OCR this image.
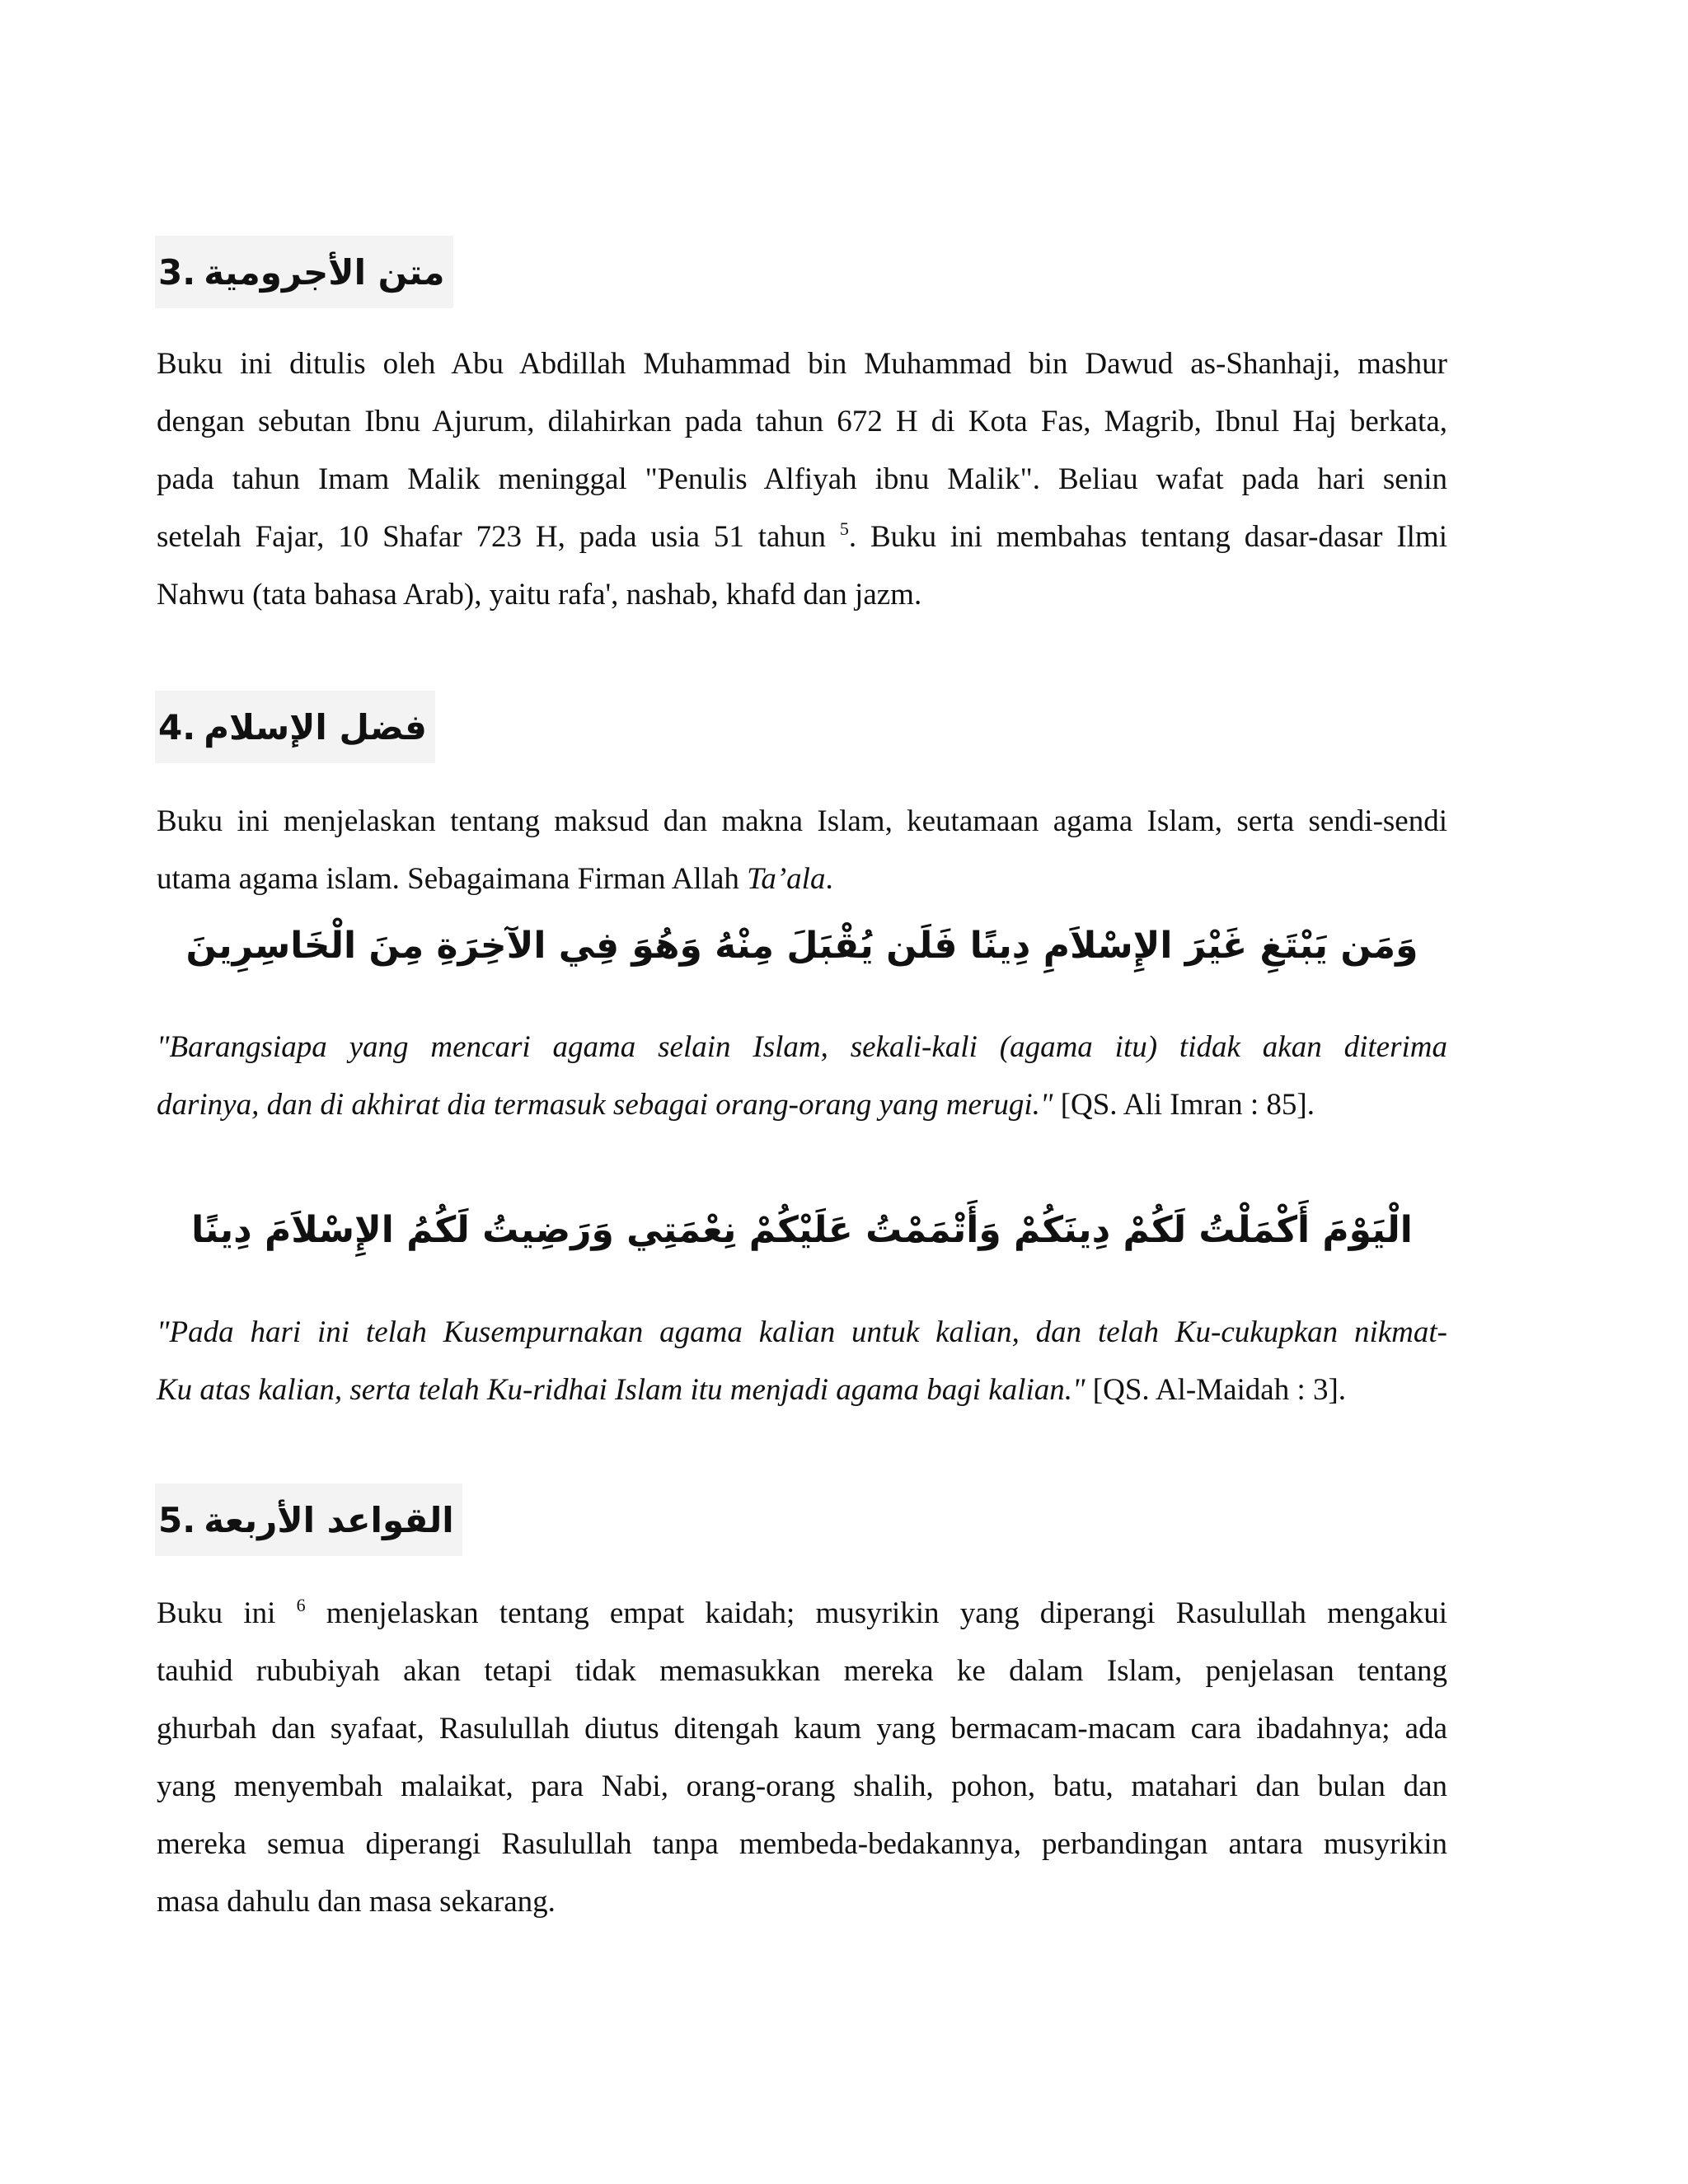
3. متن الأجرومية
Buku ini ditulis oleh Abu Abdillah Muhammad bin Muhammad bin Dawud as-Shanhaji, mashur
dengan sebutan Ibnu Ajurum, dilahirkan pada tahun 672 H di Kota Fas, Magrib, Ibnul Haj berkata,
pada tahun Imam Malik meninggal "Penulis Alfiyah ibnu Malik". Beliau wafat pada hari senin
setelah Fajar, 10 Shafar 723 H, pada usia 51 tahun $^5$. Buku ini membahas tentang dasar-dasar Ilmi
Nahwu (tata bahasa Arab), yaitu rafa', nashab, khafd dan jazm.
4. فضل الإسلام
Buku ini menjelaskan tentang maksud dan makna Islam, keutamaan agama Islam, serta sendi-sendi
utama agama islam. Sebagaimana Firman Allah Ta’ala.
وَمَن يَبْتَغِ غَيْرَ الإِسْلاَمِ دِينًا فَلَن يُقْبَلَ مِنْهُ وَهُوَ فِي الآخِرَةِ مِنَ الْخَاسِرِينَ
"Barangsiapa yang mencari agama selain Islam, sekali-kali (agama itu) tidak akan diterima
darinya, dan di akhirat dia termasuk sebagai orang-orang yang merugi." [QS. Ali Imran : 85].
الْيَوْمَ أَكْمَلْتُ لَكُمْ دِينَكُمْ وَأَتْمَمْتُ عَلَيْكُمْ نِعْمَتِي وَرَضِيتُ لَكُمُ الإِسْلاَمَ دِينًا
"Pada hari ini telah Kusempurnakan agama kalian untuk kalian, dan telah Ku-cukupkan nikmat-
Ku atas kalian, serta telah Ku-ridhai Islam itu menjadi agama bagi kalian." [QS. Al-Maidah : 3].
5. القواعد الأربعة
Buku ini $^6$ menjelaskan tentang empat kaidah; musyrikin yang diperangi Rasulullah mengakui
tauhid rububiyah akan tetapi tidak memasukkan mereka ke dalam Islam, penjelasan tentang
ghurbah dan syafaat, Rasulullah diutus ditengah kaum yang bermacam-macam cara ibadahnya; ada
yang menyembah malaikat, para Nabi, orang-orang shalih, pohon, batu, matahari dan bulan dan
mereka semua diperangi Rasulullah tanpa membeda-bedakannya, perbandingan antara musyrikin
masa dahulu dan masa sekarang.
